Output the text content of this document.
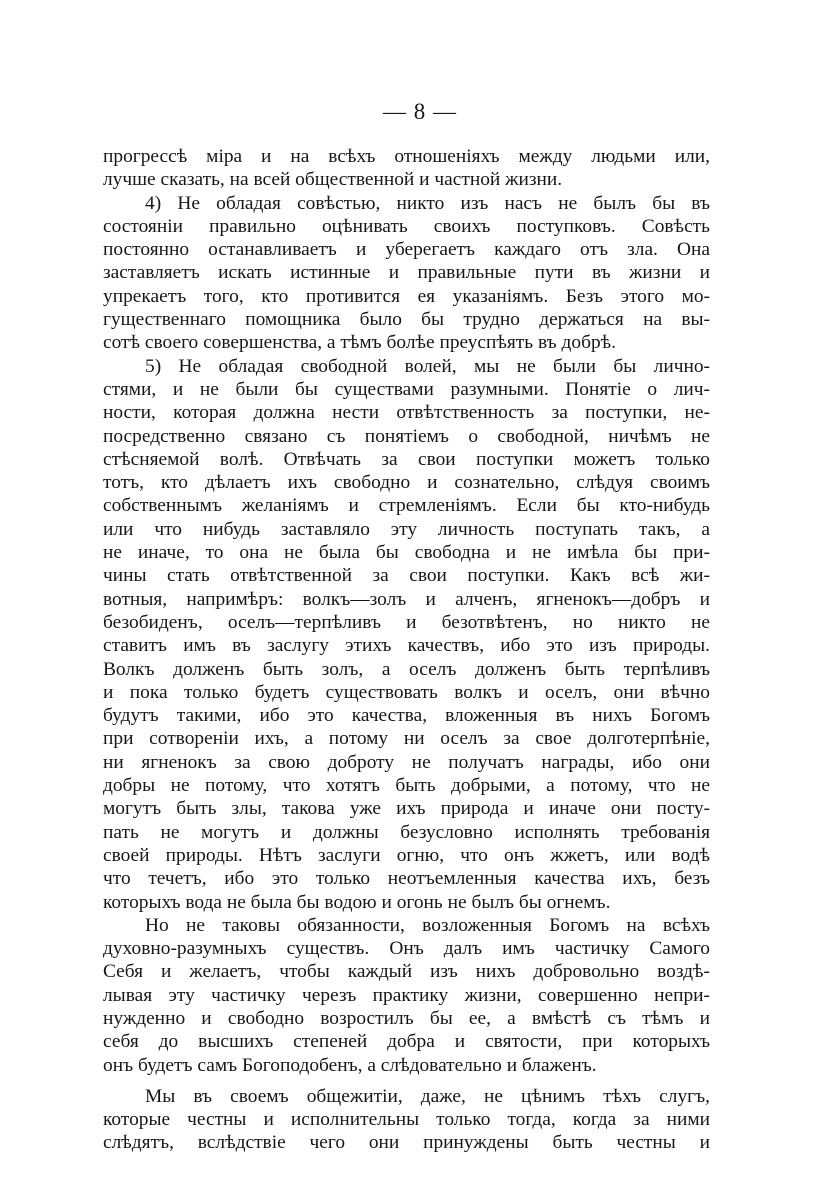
— 8 —
прогрессѣ міра и на всѣхъ отношеніяхъ между людьми или,
лучше сказать, на всей общественной и частной жизни.
4) Не обладая совѣстью, никто изъ насъ не былъ бы въ
состояніи правильно оцѣнивать своихъ поступковъ. Совѣсть
постоянно останавливаетъ и уберегаетъ каждаго отъ зла. Она
заставляетъ искать истинные и правильные пути въ жизни и
упрекаетъ того, кто противится ея указаніямъ. Безъ этого мо-
гущественнаго помощника было бы трудно держаться на вы-
сотѣ своего совершенства, а тѣмъ болѣе преуспѣять въ добрѣ.
5) Не обладая свободной волей, мы не были бы лично-
стями, и не были бы существами разумными. Понятіе о лич-
ности, которая должна нести отвѣтственность за поступки, не-
посредственно связано съ понятіемъ о свободной, ничѣмъ не
стѣсняемой волѣ. Отвѣчать за свои поступки можетъ только
тотъ, кто дѣлаетъ ихъ свободно и сознательно, слѣдуя своимъ
собственнымъ желаніямъ и стремленіямъ. Если бы кто-нибудь
или что нибудь заставляло эту личность поступать такъ, а
не иначе, то она не была бы свободна и не имѣла бы при-
чины стать отвѣтственной за свои поступки. Какъ всѣ жи-
вотныя, напримѣръ: волкъ—золъ и алченъ, ягненокъ—добръ и
безобиденъ, оселъ—терпѣливъ и безотвѣтенъ, но никто не
ставитъ имъ въ заслугу этихъ качествъ, ибо это изъ природы.
Волкъ долженъ быть золъ, а оселъ долженъ быть терпѣливъ
и пока только будетъ существовать волкъ и оселъ, они вѣчно
будутъ такими, ибо это качества, вложенныя въ нихъ Богомъ
при сотвореніи ихъ, а потому ни оселъ за свое долготерпѣніе,
ни ягненокъ за свою доброту не получатъ награды, ибо они
добры не потому, что хотятъ быть добрыми, а потому, что не
могутъ быть злы, такова уже ихъ природа и иначе они посту-
пать не могутъ и должны безусловно исполнять требованія
своей природы. Нѣтъ заслуги огню, что онъ жжетъ, или водѣ
что течетъ, ибо это только неотъемленныя качества ихъ, безъ
которыхъ вода не была бы водою и огонь не былъ бы огнемъ.
Но не таковы обязанности, возложенныя Богомъ на всѣхъ
духовно-разумныхъ существъ. Онъ далъ имъ частичку Самого
Себя и желаетъ, чтобы каждый изъ нихъ добровольно воздѣ-
лывая эту частичку черезъ практику жизни, совершенно непри-
нужденно и свободно возростилъ бы ее, а вмѣстѣ съ тѣмъ и
себя до высшихъ степеней добра и святости, при которыхъ
онъ будетъ самъ Богоподобенъ, а слѣдовательно и блаженъ.
Мы въ своемъ общежитіи, даже, не цѣнимъ тѣхъ слугъ,
которые честны и исполнительны только тогда, когда за ними
слѣдятъ, вслѣдствіе чего они принуждены быть честны и
